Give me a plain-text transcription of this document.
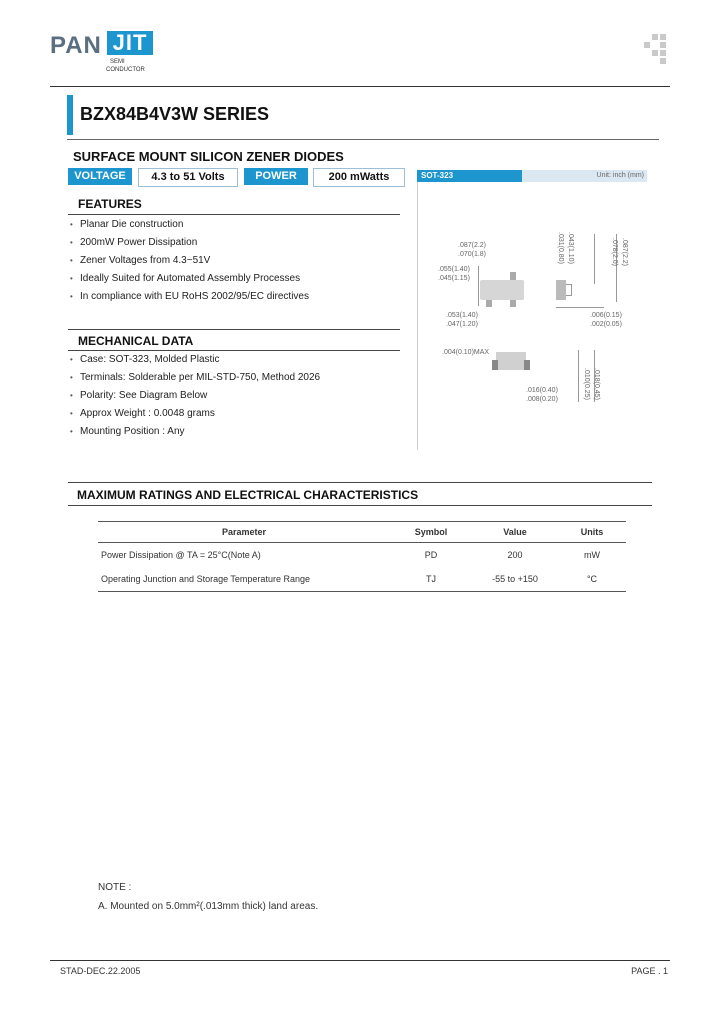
PAN JIT
SEMI
CONDUCTOR
BZX84B4V3W SERIES
SURFACE MOUNT SILICON ZENER DIODES
VOLTAGE	4.3 to 51 Volts	POWER	200 mWatts
FEATURES
• Planar Die construction
• 200mW Power Dissipation
• Zener Voltages from 4.3~51V
• Ideally Suited for Automated Assembly Processes
• In compliance with EU RoHS 2002/95/EC directives
MECHANICAL DATA
• Case: SOT-323, Molded Plastic
• Terminals: Solderable per MIL-STD-750, Method 2026
• Polarity: See Diagram Below
• Approx Weight : 0.0048 grams
• Mounting Position : Any
SOT-323	Unit: inch (mm)
.087(2.2)
.070(1.8)
.055(1.40)
.045(1.15)
.053(1.40)
.047(1.20)
.043(1.10)
.031(0.80)	.087(2.2)
.078(2.0)
.006(0.15)
.002(0.05)
.004(0.10)MAX
.016(0.40)
.008(0.20)	.018(0.45)
.010(0.25)
MAXIMUM RATINGS AND ELECTRICAL CHARACTERISTICS
Parameter	Symbol	Value	Units
Power Dissipation @ TA = 25°C(Note A)	PD	200	mW
Operating Junction and Storage Temperature Range	TJ	-55 to +150	°C
NOTE :
A. Mounted on 5.0mm²(.013mm thick) land areas.
STAD-DEC.22.2005	PAGE . 1
